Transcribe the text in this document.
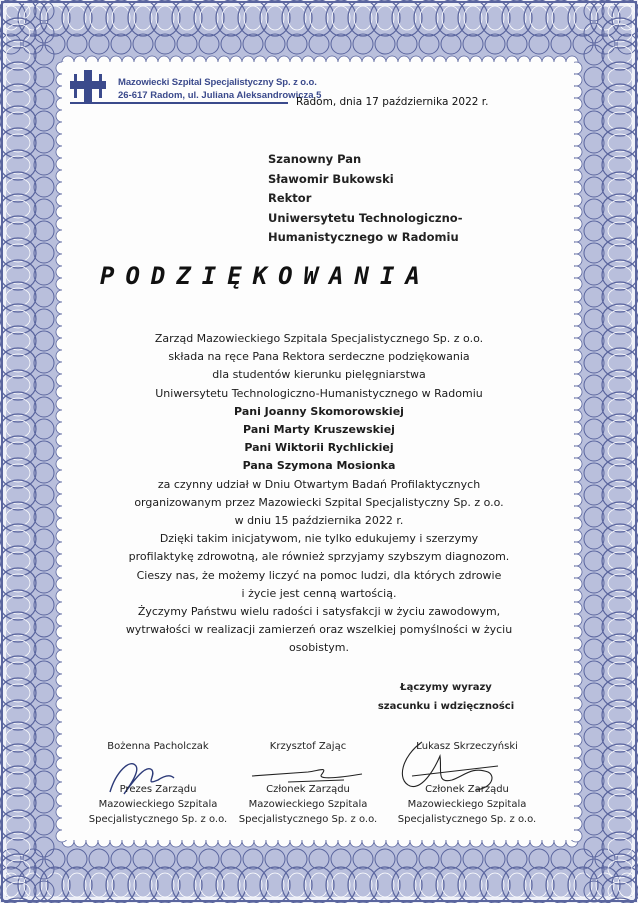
Mazowiecki Szpital Specjalistyczny Sp. z o.o.
26-617 Radom, ul. Juliana Aleksandrowicza 5
Radom, dnia 17 października 2022 r.
Szanowny Pan
Sławomir Bukowski
Rektor
Uniwersytetu Technologiczno-
Humanistycznego w Radomiu
PODZIĘKOWANIA
Zarząd Mazowieckiego Szpitala Specjalistycznego Sp. z o.o.
składa na ręce Pana Rektora serdeczne podziękowania
dla studentów kierunku pielęgniarstwa
Uniwersytetu Technologiczno-Humanistycznego w Radomiu
Pani Joanny Skomorowskiej
Pani Marty Kruszewskiej
Pani Wiktorii Rychlickiej
Pana Szymona Mosionka
za czynny udział w Dniu Otwartym Badań Profilaktycznych
organizowanym przez Mazowiecki Szpital Specjalistyczny Sp. z o.o.
w dniu 15 października 2022 r.
Dzięki takim inicjatywom, nie tylko edukujemy i szerzymy
profilaktykę zdrowotną, ale również sprzyjamy szybszym diagnozom.
Cieszy nas, że możemy liczyć na pomoc ludzi, dla których zdrowie
i życie jest cenną wartością.
Życzymy Państwu wielu radości i satysfakcji w życiu zawodowym,
wytrwałości w realizacji zamierzeń oraz wszelkiej pomyślności w życiu
osobistym.
Łączymy wyrazy
szacunku i wdzięczności
Bożenna Pacholczak
Prezes Zarządu
Mazowieckiego Szpitala
Specjalistycznego Sp. z o.o.
Krzysztof Zając
Członek Zarządu
Mazowieckiego Szpitala
Specjalistycznego Sp. z o.o.
Łukasz Skrzeczyński
Członek Zarządu
Mazowieckiego Szpitala
Specjalistycznego Sp. z o.o.
